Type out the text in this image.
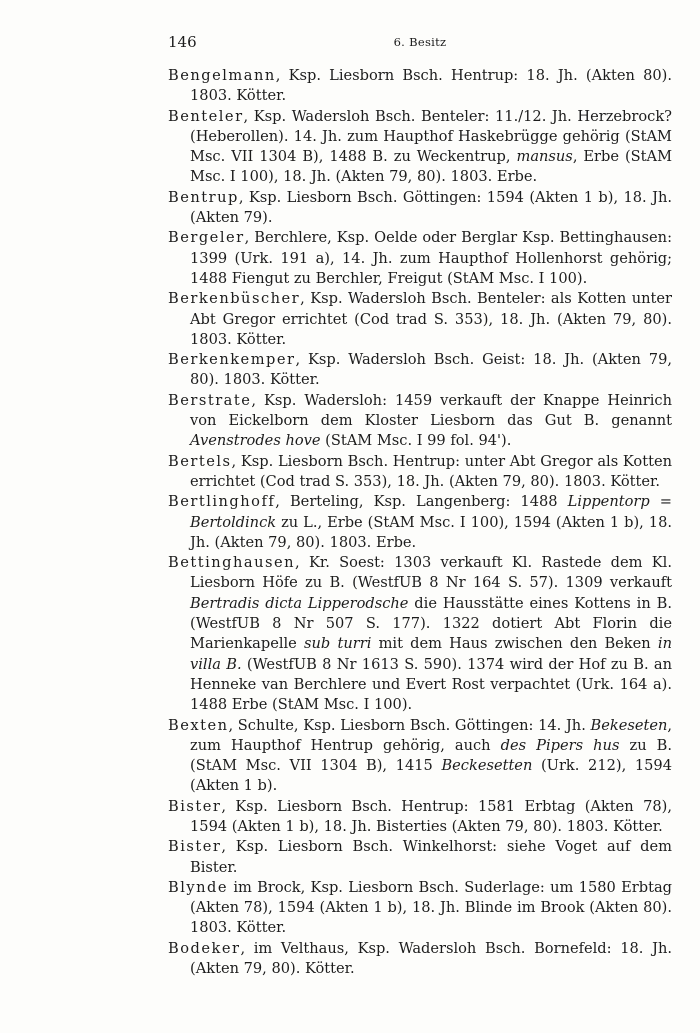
146	6. Besitz

Bengelmann, Ksp. Liesborn Bsch. Hentrup: 18. Jh. (Akten 80). 1803. Kötter.

Benteler, Ksp. Wadersloh Bsch. Benteler: 11./12. Jh. Herzebrock? (Heberollen). 14. Jh. zum Haupthof Haskebrügge gehörig (StAM Msc. VII 1304 B), 1488 B. zu Weckentrup, mansus, Erbe (StAM Msc. I 100), 18. Jh. (Akten 79, 80). 1803. Erbe.

Bentrup, Ksp. Liesborn Bsch. Göttingen: 1594 (Akten 1 b), 18. Jh. (Akten 79).

Bergeler, Berchlere, Ksp. Oelde oder Berglar Ksp. Bettinghausen: 1399 (Urk. 191 a), 14. Jh. zum Haupthof Hollenhorst gehörig; 1488 Fiengut zu Berchler, Freigut (StAM Msc. I 100).

Berkenbüscher, Ksp. Wadersloh Bsch. Benteler: als Kotten unter Abt Gregor errichtet (Cod trad S. 353), 18. Jh. (Akten 79, 80). 1803. Kötter.

Berkenkemper, Ksp. Wadersloh Bsch. Geist: 18. Jh. (Akten 79, 80). 1803. Kötter.

Berstrate, Ksp. Wadersloh: 1459 verkauft der Knappe Heinrich von Eickelborn dem Kloster Liesborn das Gut B. genannt Avenstrodes hove (StAM Msc. I 99 fol. 94').

Bertels, Ksp. Liesborn Bsch. Hentrup: unter Abt Gregor als Kotten errichtet (Cod trad S. 353), 18. Jh. (Akten 79, 80). 1803. Kötter.

Bertlinghoff, Berteling, Ksp. Langenberg: 1488 Lippentorp = Bertoldinck zu L., Erbe (StAM Msc. I 100), 1594 (Akten 1 b), 18. Jh. (Akten 79, 80). 1803. Erbe.

Bettinghausen, Kr. Soest: 1303 verkauft Kl. Rastede dem Kl. Liesborn Höfe zu B. (WestfUB 8 Nr 164 S. 57). 1309 verkauft Bertradis dicta Lipperodsche die Hausstätte eines Kottens in B. (WestfUB 8 Nr 507 S. 177). 1322 dotiert Abt Florin die Marienkapelle sub turri mit dem Haus zwischen den Beken in villa B. (WestfUB 8 Nr 1613 S. 590). 1374 wird der Hof zu B. an Henneke van Berchlere und Evert Rost verpachtet (Urk. 164 a). 1488 Erbe (StAM Msc. I 100).

Bexten, Schulte, Ksp. Liesborn Bsch. Göttingen: 14. Jh. Bekeseten, zum Haupthof Hentrup gehörig, auch des Pipers hus zu B. (StAM Msc. VII 1304 B), 1415 Beckesetten (Urk. 212), 1594 (Akten 1 b).

Bister, Ksp. Liesborn Bsch. Hentrup: 1581 Erbtag (Akten 78), 1594 (Akten 1 b), 18. Jh. Bisterties (Akten 79, 80). 1803. Kötter.

Bister, Ksp. Liesborn Bsch. Winkelhorst: siehe Voget auf dem Bister.

Blynde im Brock, Ksp. Liesborn Bsch. Suderlage: um 1580 Erbtag (Akten 78), 1594 (Akten 1 b), 18. Jh. Blinde im Brook (Akten 80). 1803. Kötter.

Bodeker, im Velthaus, Ksp. Wadersloh Bsch. Bornefeld: 18. Jh. (Akten 79, 80). Kötter.
